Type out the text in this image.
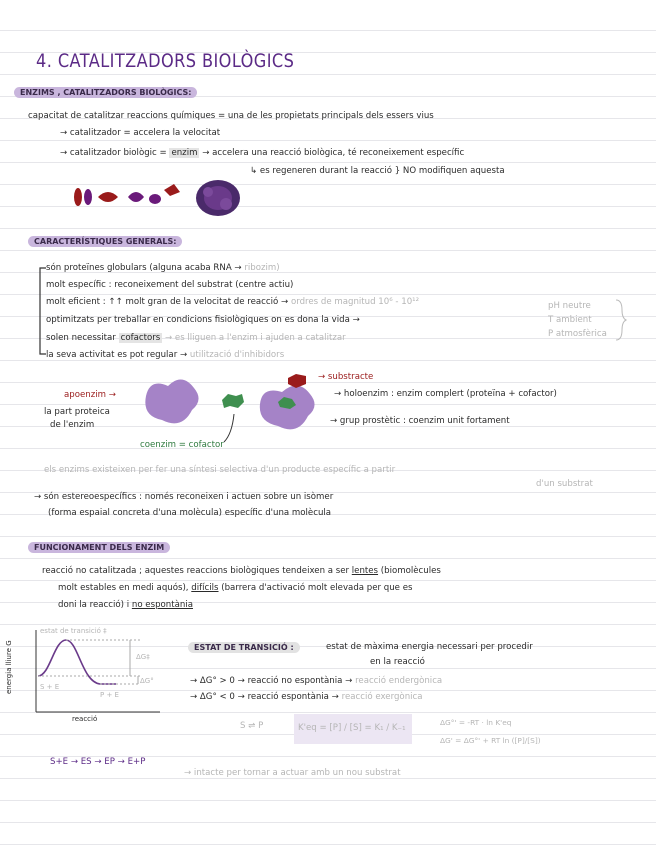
4. CATALITZADORS BIOLÒGICS
ENZIMS , CATALITZADORS BIOLÒGICS:
capacitat de catalitzar reaccions químiques = una de les propietats principals dels essers vius
→ catalitzador = accelera la velocitat
→ catalitzador biològic = enzim → accelera una reacció biològica, té reconeixement específic
↳ es regeneren durant la reacció } NO modifiquen aquesta
CARACTERÍSTIQUES GENERALS:
són proteïnes globulars (alguna acaba RNA → ribozim)
molt específic : reconeixement del substrat (centre actiu)
molt eficient : ↑↑ molt gran de la velocitat de reacció → ordres de magnitud 10⁶ - 10¹²
optimitzats per treballar en condicions fisiològiques on es dona la vida →
pH neutre
T ambient
P atmosfèrica
solen necessitar cofactors → es lliguen a l'enzim i ajuden a catalitzar
la seva activitat es pot regular → utilització d'inhibidors
→ substracte
→ holoenzim : enzim complert (proteïna + cofactor)
→ grup prostètic : coenzim unit fortament
apoenzim →
la part proteica
de l'enzim
coenzim = cofactor
els enzims existeixen per fer una síntesi selectiva d'un producte específic a partir
d'un substrat
→ són estereoespecífics : només reconeixen i actuen sobre un isòmer
(forma espaial concreta d'una molècula) específic d'una molècula
FUNCIONAMENT DELS ENZIM
reacció no catalitzada ; aquestes reaccions biològiques tendeixen a ser lentes (biomolècules
molt estables en medi aquós), difícils (barrera d'activació molt elevada per que es
doni la reacció) i no espontània
estat de transició ‡
energia lliure G
reacció
S + E
P + E
ΔG‡
ΔG°
ESTAT DE TRANSICIÓ :	estat de màxima energia necessari per procedir
en la reacció
→ ΔG° > 0 → reacció no espontània → reacció endergònica
→ ΔG° < 0 → reacció espontània → reacció exergònica
S ⇌ P	K'eq = [P] / [S] = K₁ / K₋₁
ΔG°' = -RT · ln K'eq
ΔG' = ΔG°' + RT ln ([P]/[S])
S+E → ES → EP → E+P
→ intacte per tornar a actuar amb un nou substrat
